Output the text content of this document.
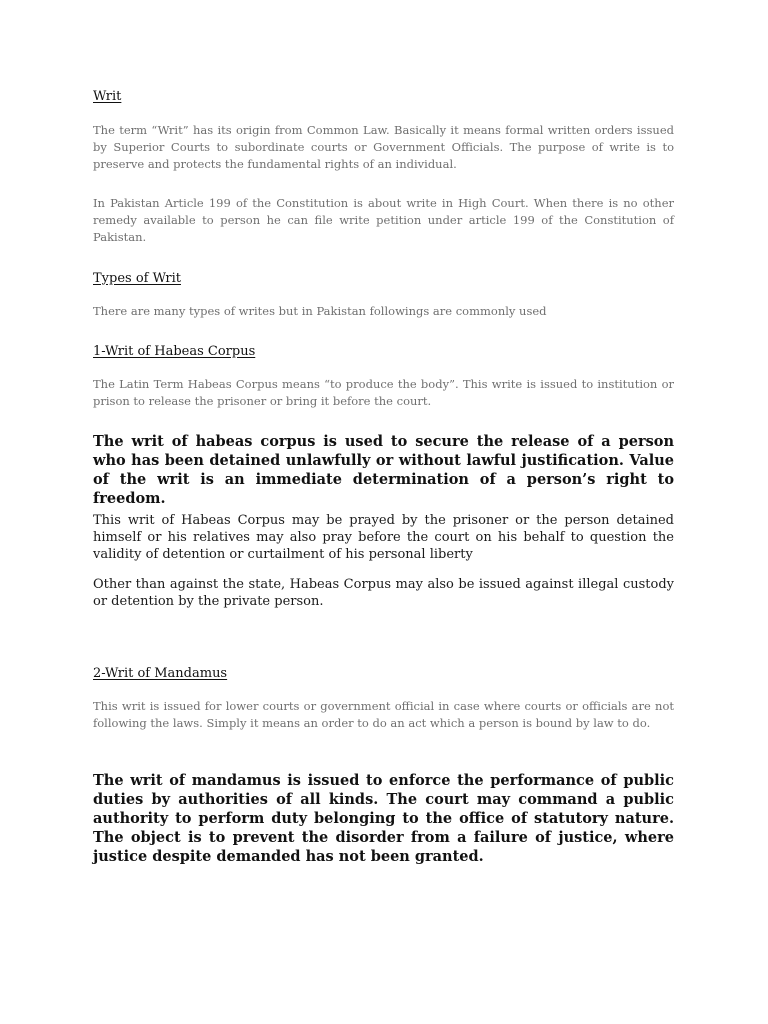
Writ

The term “Writ” has its origin from Common Law. Basically it means formal written orders issued by Superior Courts to subordinate courts or Government Officials. The purpose of write is to preserve and protects the fundamental rights of an individual.

In Pakistan Article 199 of the Constitution is about write in High Court. When there is no other remedy available to person he can file write petition under article 199 of the Constitution of Pakistan.

Types of Writ

There are many types of writes but in Pakistan followings are commonly used

1-Writ of Habeas Corpus

The Latin Term Habeas Corpus means “to produce the body”. This write is issued to institution or prison to release the prisoner or bring it before the court.

The writ of habeas corpus is used to secure the release of a person who has been detained unlawfully or without lawful justification. Value of the writ is an immediate determination of a person’s right to freedom.

This writ of Habeas Corpus may be prayed by the prisoner or the person detained himself or his relatives may also pray before the court on his behalf to question the validity of detention or curtailment of his personal liberty

Other than against the state, Habeas Corpus may also be issued against illegal custody or detention by the private person.

2-Writ of Mandamus

This writ is issued for lower courts or government official in case where courts or officials are not following the laws. Simply it means an order to do an act which a person is bound by law to do.

The writ of mandamus is issued to enforce the performance of public duties by authorities of all kinds. The court may command a public authority to perform duty belonging to the office of statutory nature. The object is to prevent the disorder from a failure of justice, where justice despite demanded has not been granted.
